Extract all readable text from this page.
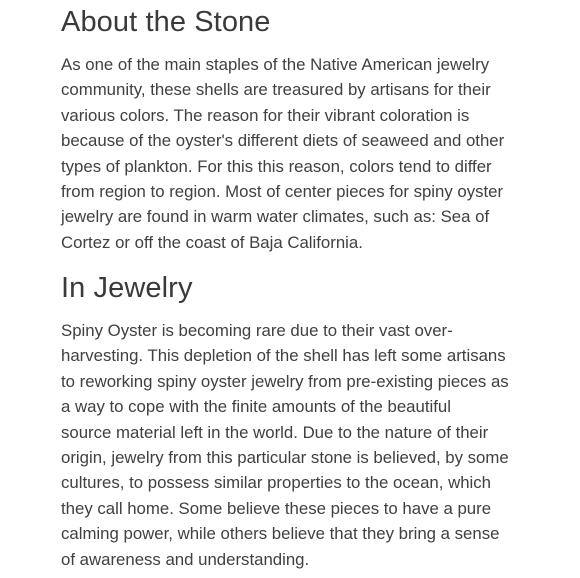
About the Stone

As one of the main staples of the Native American jewelry
community, these shells are treasured by artisans for their
various colors. The reason for their vibrant coloration is
because of the oyster's different diets of seaweed and other
types of plankton. For this this reason, colors tend to differ
from region to region. Most of center pieces for spiny oyster
jewelry are found in warm water climates, such as: Sea of
Cortez or off the coast of Baja California.

In Jewelry

Spiny Oyster is becoming rare due to their vast over-
harvesting. This depletion of the shell has left some artisans
to reworking spiny oyster jewelry from pre-existing pieces as
a way to cope with the finite amounts of the beautiful
source material left in the world. Due to the nature of their
origin, jewelry from this particular stone is believed, by some
cultures, to possess similar properties to the ocean, which
they call home. Some believe these pieces to have a pure
calming power, while others believe that they bring a sense
of awareness and understanding.
